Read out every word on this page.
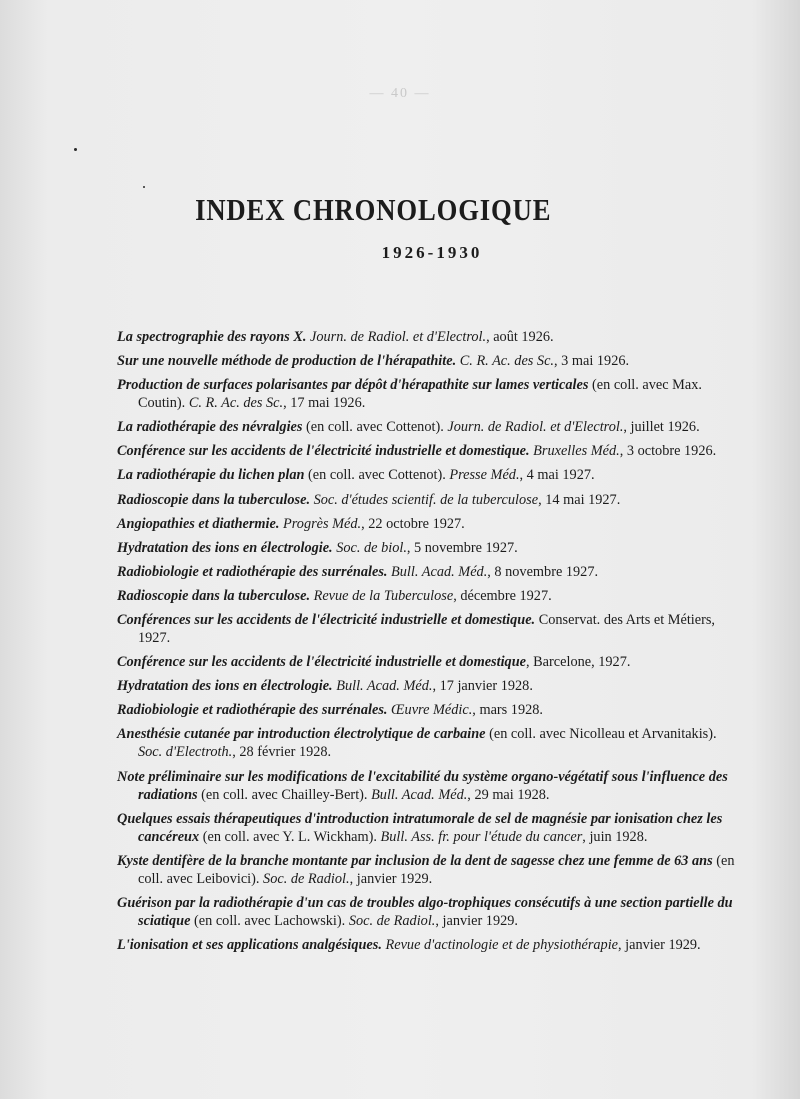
— 40 —
INDEX CHRONOLOGIQUE
1926-1930
La spectrographie des rayons X. Journ. de Radiol. et d'Electrol., août 1926.
Sur une nouvelle méthode de production de l'hérapathite. C. R. Ac. des Sc., 3 mai 1926.
Production de surfaces polarisantes par dépôt d'hérapathite sur lames verticales (en coll. avec Max. Coutin). C. R. Ac. des Sc., 17 mai 1926.
La radiothérapie des névralgies (en coll. avec Cottenot). Journ. de Radiol. et d'Electrol., juillet 1926.
Conférence sur les accidents de l'électricité industrielle et domestique. Bruxelles Méd., 3 octobre 1926.
La radiothérapie du lichen plan (en coll. avec Cottenot). Presse Méd., 4 mai 1927.
Radioscopie dans la tuberculose. Soc. d'études scientif. de la tuberculose, 14 mai 1927.
Angiopathies et diathermie. Progrès Méd., 22 octobre 1927.
Hydratation des ions en électrologie. Soc. de biol., 5 novembre 1927.
Radiobiologie et radiothérapie des surrénales. Bull. Acad. Méd., 8 novembre 1927.
Radioscopie dans la tuberculose. Revue de la Tuberculose, décembre 1927.
Conférences sur les accidents de l'électricité industrielle et domestique. Conservat. des Arts et Métiers, 1927.
Conférence sur les accidents de l'électricité industrielle et domestique, Barcelone, 1927.
Hydratation des ions en électrologie. Bull. Acad. Méd., 17 janvier 1928.
Radiobiologie et radiothérapie des surrénales. Œuvre Médic., mars 1928.
Anesthésie cutanée par introduction électrolytique de carbaine (en coll. avec Nicolleau et Arvanitakis). Soc. d'Electroth., 28 février 1928.
Note préliminaire sur les modifications de l'excitabilité du système organo-végétatif sous l'influence des radiations (en coll. avec Chailley-Bert). Bull. Acad. Méd., 29 mai 1928.
Quelques essais thérapeutiques d'introduction intratumorale de sel de magnésie par ionisation chez les cancéreux (en coll. avec Y. L. Wickham). Bull. Ass. fr. pour l'étude du cancer, juin 1928.
Kyste dentifère de la branche montante par inclusion de la dent de sagesse chez une femme de 63 ans (en coll. avec Leibovici). Soc. de Radiol., janvier 1929.
Guérison par la radiothérapie d'un cas de troubles algo-trophiques consécutifs à une section partielle du sciatique (en coll. avec Lachowski). Soc. de Radiol., janvier 1929.
L'ionisation et ses applications analgésiques. Revue d'actinologie et de physiothérapie, janvier 1929.
